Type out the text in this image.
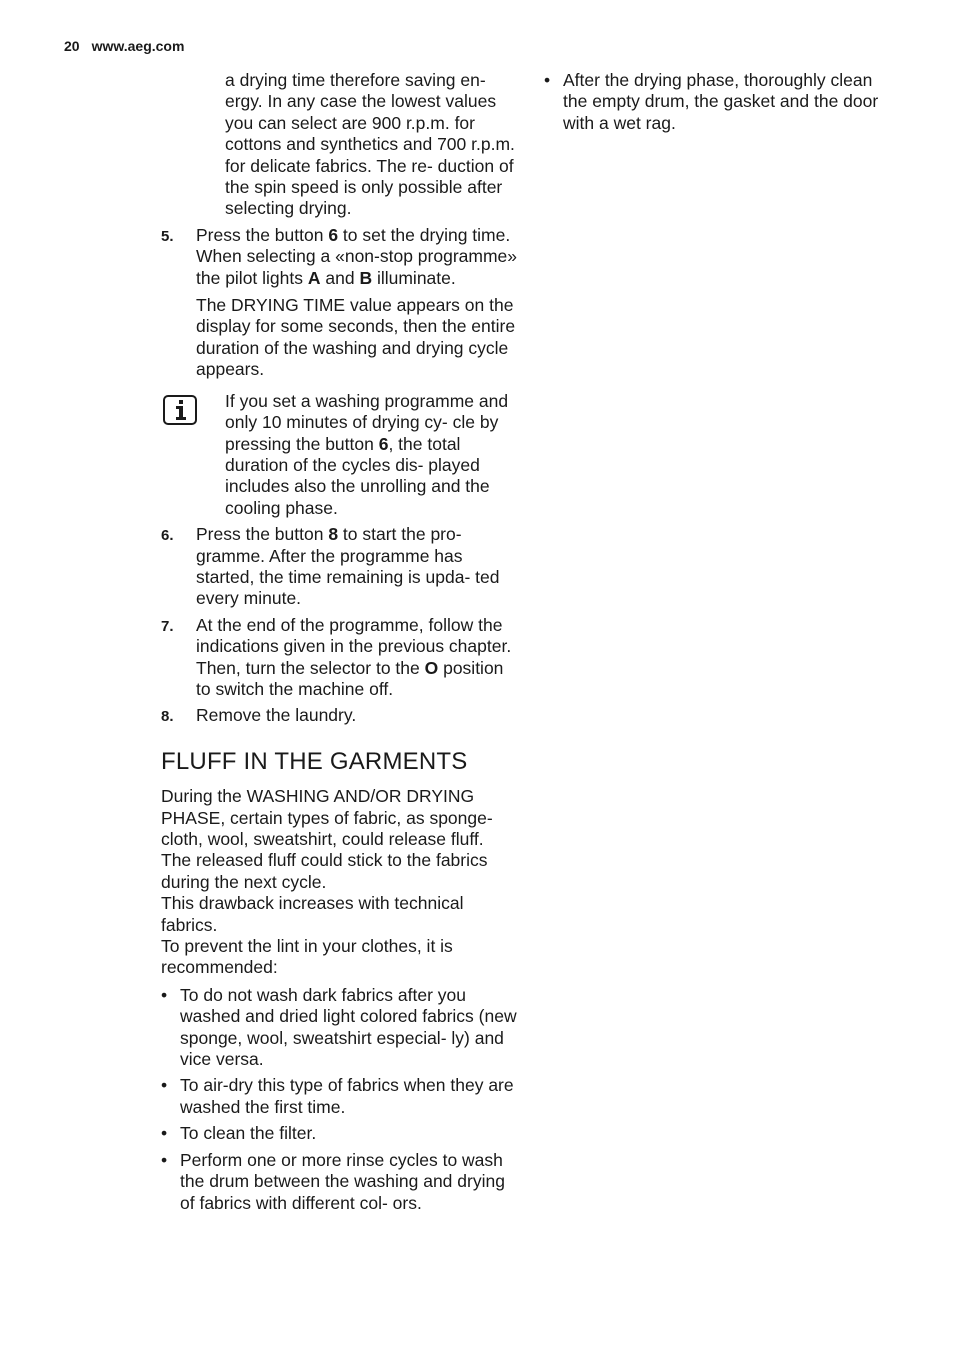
20 www.aeg.com
a drying time therefore saving en- ergy. In any case the lowest values you can select are 900 r.p.m. for cottons and synthetics and 700 r.p.m. for delicate fabrics. The re- duction of the spin speed is only possible after selecting drying.
5. Press the button 6 to set the drying time. When selecting a «non-stop programme» the pilot lights A and B illuminate.

The DRYING TIME value appears on the display for some seconds, then the entire duration of the washing and drying cycle appears.

If you set a washing programme and only 10 minutes of drying cy- cle by pressing the button 6, the total duration of the cycles dis- played includes also the unrolling and the cooling phase.

6. Press the button 8 to start the pro- gramme. After the programme has started, the time remaining is upda- ted every minute.

7. At the end of the programme, follow the indications given in the previous chapter. Then, turn the selector to the O position to switch the machine off.

8. Remove the laundry.

FLUFF IN THE GARMENTS

During the WASHING AND/OR DRYING PHASE, certain types of fabric, as sponge- cloth, wool, sweatshirt, could release fluff. The released fluff could stick to the fabrics during the next cycle.

This drawback increases with technical fabrics.

To prevent the lint in your clothes, it is recommended:

• To do not wash dark fabrics after you washed and dried light colored fabrics (new sponge, wool, sweatshirt especial- ly) and vice versa.
• To air-dry this type of fabrics when they are washed the first time.
• To clean the filter.
• Perform one or more rinse cycles to wash the drum between the washing and drying of fabrics with different col- ors.
• After the drying phase, thoroughly clean the empty drum, the gasket and the door with a wet rag.
